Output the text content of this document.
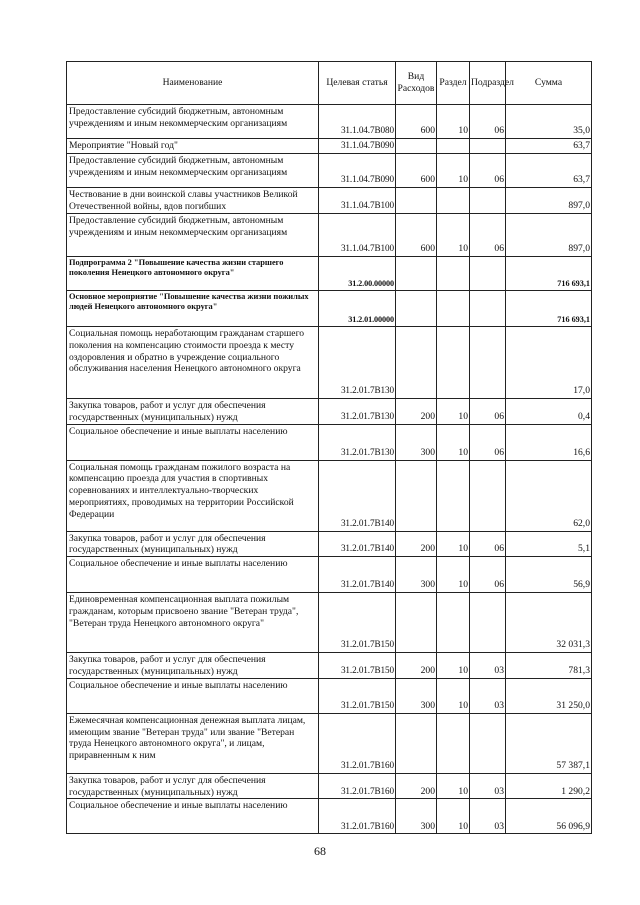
Наименование	Целевая статья	Вид Расходов	Раздел	Подраздел	Сумма
Предоставление субсидий бюджетным, автономным учреждениям и иным некоммерческим организациям	31.1.04.7В080	600	10	06	35,0
Мероприятие "Новый год"	31.1.04.7В090				63,7
Предоставление субсидий бюджетным, автономным учреждениям и иным некоммерческим организациям	31.1.04.7В090	600	10	06	63,7
Чествование в дни воинской славы участников Великой Отечественной войны, вдов погибших	31.1.04.7В100				897,0
Предоставление субсидий бюджетным, автономным учреждениям и иным некоммерческим организациям	31.1.04.7В100	600	10	06	897,0
Подпрограмма 2 "Повышение качества жизни старшего поколения Ненецкого автономного округа"	31.2.00.00000				716 693,1
Основное мероприятие "Повышение качества жизни пожилых людей Ненецкого автономного округа"	31.2.01.00000				716 693,1
Социальная помощь неработающим гражданам старшего поколения на компенсацию стоимости проезда к месту оздоровления и обратно в учреждение социального обслуживания населения Ненецкого автономного округа	31.2.01.7В130				17,0
Закупка товаров, работ и услуг для обеспечения государственных (муниципальных) нужд	31.2.01.7В130	200	10	06	0,4
Социальное обеспечение и иные выплаты населению	31.2.01.7В130	300	10	06	16,6
Социальная помощь гражданам пожилого возраста на компенсацию проезда для участия в спортивных соревнованиях и интеллектуально-творческих мероприятиях, проводимых на территории Российской Федерации	31.2.01.7В140				62,0
Закупка товаров, работ и услуг для обеспечения государственных (муниципальных) нужд	31.2.01.7В140	200	10	06	5,1
Социальное обеспечение и иные выплаты населению	31.2.01.7В140	300	10	06	56,9
Единовременная компенсационная выплата пожилым гражданам, которым присвоено звание "Ветеран труда", "Ветеран труда Ненецкого автономного округа"	31.2.01.7В150				32 031,3
Закупка товаров, работ и услуг для обеспечения государственных (муниципальных) нужд	31.2.01.7В150	200	10	03	781,3
Социальное обеспечение и иные выплаты населению	31.2.01.7В150	300	10	03	31 250,0
Ежемесячная компенсационная денежная выплата лицам, имеющим звание "Ветеран труда" или звание "Ветеран труда Ненецкого автономного округа", и лицам, приравненным к ним	31.2.01.7В160				57 387,1
Закупка товаров, работ и услуг для обеспечения государственных (муниципальных) нужд	31.2.01.7В160	200	10	03	1 290,2
Социальное обеспечение и иные выплаты населению	31.2.01.7В160	300	10	03	56 096,9
68
